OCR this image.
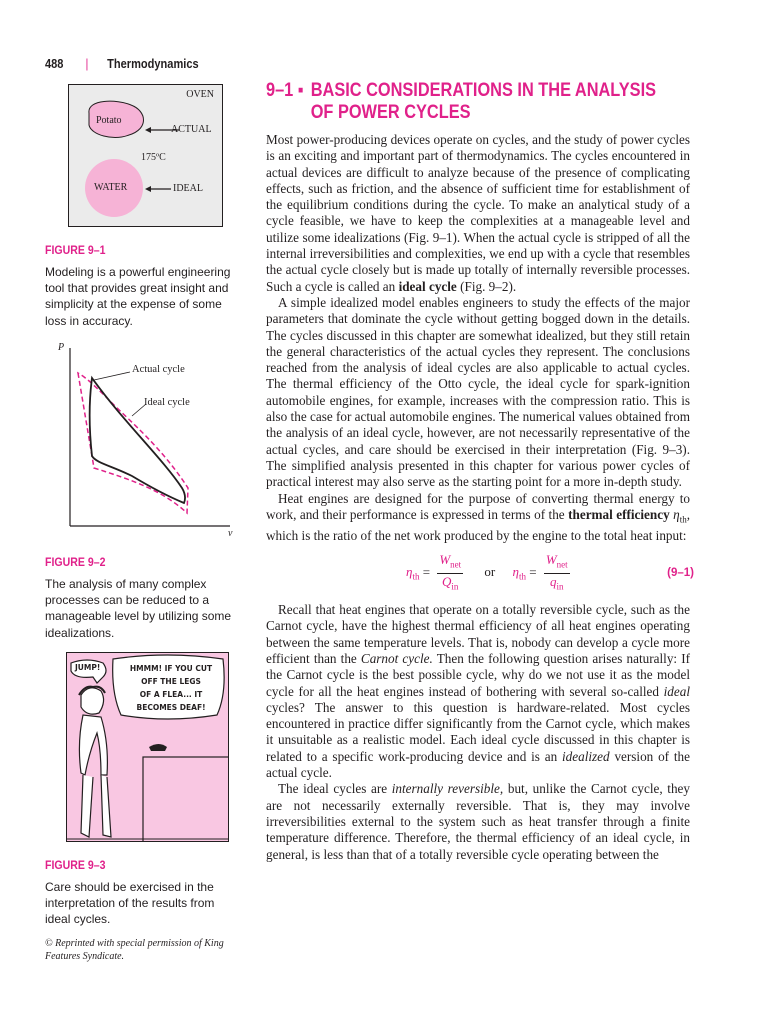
488 | Thermodynamics
OVEN
Potato
ACTUAL
175ºC
WATER	IDEAL
FIGURE 9–1
Modeling is a powerful engineering tool that provides great insight and simplicity at the expense of some loss in accuracy.
P
v
Actual cycle
Ideal cycle
FIGURE 9–2
The analysis of many complex processes can be reduced to a manageable level by utilizing some idealizations.
JUMP!	HMMM! IF YOU CUT
OFF THE LEGS
OF A FLEA... IT
BECOMES DEAF!
FIGURE 9–3
Care should be exercised in the interpretation of the results from ideal cycles.
© Reprinted with special permission of King Features Syndicate.
9–1 ▪ BASIC CONSIDERATIONS IN THE ANALYSIS
OF POWER CYCLES

Most power-producing devices operate on cycles, and the study of power cycles is an exciting and important part of thermodynamics. The cycles encountered in actual devices are difficult to analyze because of the presence of complicating effects, such as friction, and the absence of sufficient time for establishment of the equilibrium conditions during the cycle. To make an analytical study of a cycle feasible, we have to keep the complexities at a manageable level and utilize some idealizations (Fig. 9–1). When the actual cycle is stripped of all the internal irreversibilities and complexities, we end up with a cycle that resembles the actual cycle closely but is made up totally of internally reversible processes. Such a cycle is called an ideal cycle (Fig. 9–2).

A simple idealized model enables engineers to study the effects of the major parameters that dominate the cycle without getting bogged down in the details. The cycles discussed in this chapter are somewhat idealized, but they still retain the general characteristics of the actual cycles they represent. The conclusions reached from the analysis of ideal cycles are also applicable to actual cycles. The thermal efficiency of the Otto cycle, the ideal cycle for spark-ignition automobile engines, for example, increases with the compression ratio. This is also the case for actual automobile engines. The numerical values obtained from the analysis of an ideal cycle, however, are not necessarily representative of the actual cycles, and care should be exercised in their interpretation (Fig. 9–3). The simplified analysis presented in this chapter for various power cycles of practical interest may also serve as the starting point for a more in-depth study.

Heat engines are designed for the purpose of converting thermal energy to work, and their performance is expressed in terms of the thermal efficiency $\eta_{th}$, which is the ratio of the net work produced by the engine to the total heat input:

$\eta_{th} = \frac{W_{net}}{Q_{in}}$ or $\eta_{th} = \frac{W_{net}}{q_{in}}$	(9–1)

Recall that heat engines that operate on a totally reversible cycle, such as the Carnot cycle, have the highest thermal efficiency of all heat engines operating between the same temperature levels. That is, nobody can develop a cycle more efficient than the Carnot cycle. Then the following question arises naturally: If the Carnot cycle is the best possible cycle, why do we not use it as the model cycle for all the heat engines instead of bothering with several so-called ideal cycles? The answer to this question is hardware-related. Most cycles encountered in practice differ significantly from the Carnot cycle, which makes it unsuitable as a realistic model. Each ideal cycle discussed in this chapter is related to a specific work-producing device and is an idealized version of the actual cycle.

The ideal cycles are internally reversible, but, unlike the Carnot cycle, they are not necessarily externally reversible. That is, they may involve irreversibilities external to the system such as heat transfer through a finite temperature difference. Therefore, the thermal efficiency of an ideal cycle, in general, is less than that of a totally reversible cycle operating between the
